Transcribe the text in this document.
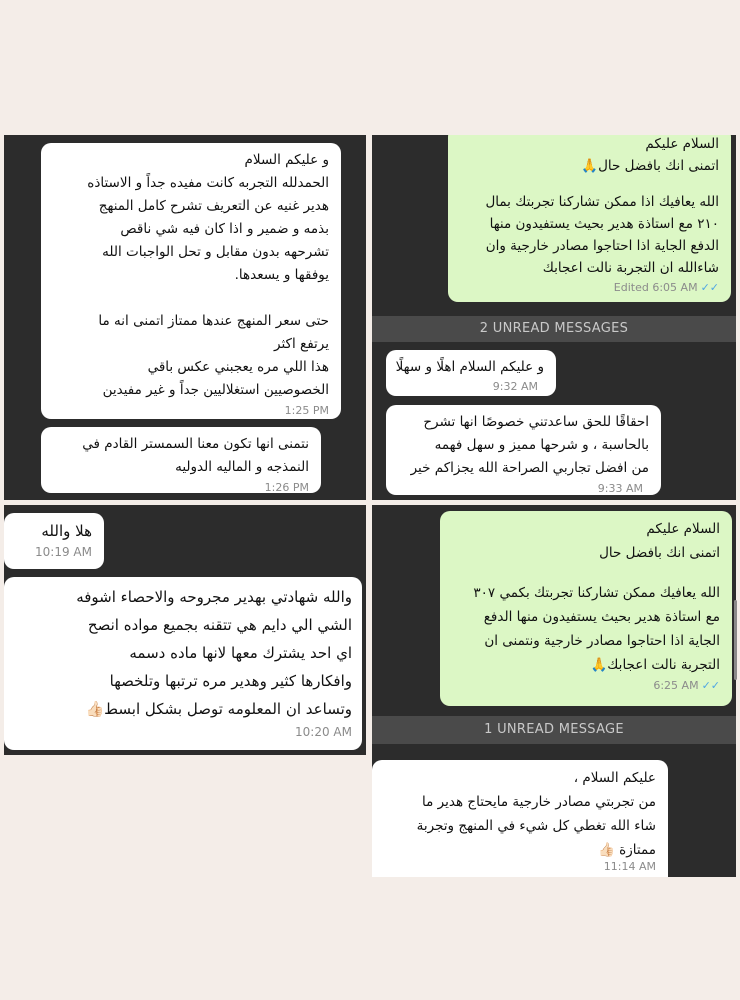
و عليكم السلام
الحمدلله التجربه كانت مفيده جداً و الاستاذه
هدير غنيه عن التعريف تشرح كامل المنهج
بذمه و ضمير و اذا كان فيه شي ناقص
تشرحهه بدون مقابل و تحل الواجبات الله
يوفقها و يسعدها.
حتى سعر المنهج عندها ممتاز اتمنى انه ما
يرتفع اكثر
هذا اللي مره يعجبني عكس باقي
الخصوصيين استغلاليين جداً و غير مفيدين
1:25 PM
نتمنى انها تكون معنا السمستر القادم في
النمذجه و الماليه الدوليه
1:26 PM
السلام عليكم
اتمنى انك بافضل حال🙏
الله يعافيك اذا ممكن تشاركنا تجربتك بمال
٢١٠ مع استاذة هدير بحيث يستفيدون منها
الدفع الجاية اذا احتاجوا مصادر خارجية وان
شاءالله ان التجربة نالت اعجابك
Edited 6:05 AM ✓✓
2 UNREAD MESSAGES
و عليكم السلام اهلًا و سهلًا
9:32 AM
احقاقًا للحق ساعدتني خصوصًا انها تشرح
بالحاسبة ، و شرحها مميز و سهل فهمه
من افضل تجاربي الصراحة الله يجزاكم خير
9:33 AM
هلا والله
10:19 AM
والله شهادتي بهدير مجروحه والاحصاء اشوفه
الشي الي دايم هي تتقنه بجميع مواده انصح
اي احد يشترك معها لانها ماده دسمه
وافكارها كثير وهدير مره ترتبها وتلخصها
وتساعد ان المعلومه توصل بشكل ابسط👍🏻
10:20 AM
السلام عليكم
اتمنى انك بافضل حال
الله يعافيك ممكن تشاركنا تجربتك بكمي ٣٠٧
مع استاذة هدير بحيث يستفيدون منها الدفع
الجاية اذا احتاجوا مصادر خارجية ونتمنى ان
التجربة نالت اعجابك🙏
6:25 AM ✓✓
1 UNREAD MESSAGE
عليكم السلام ،
من تجربتي مصادر خارجية مايحتاج هدير ما
شاء الله تغطي كل شيء في المنهج وتجربة
ممتازة 👍🏻
11:14 AM
